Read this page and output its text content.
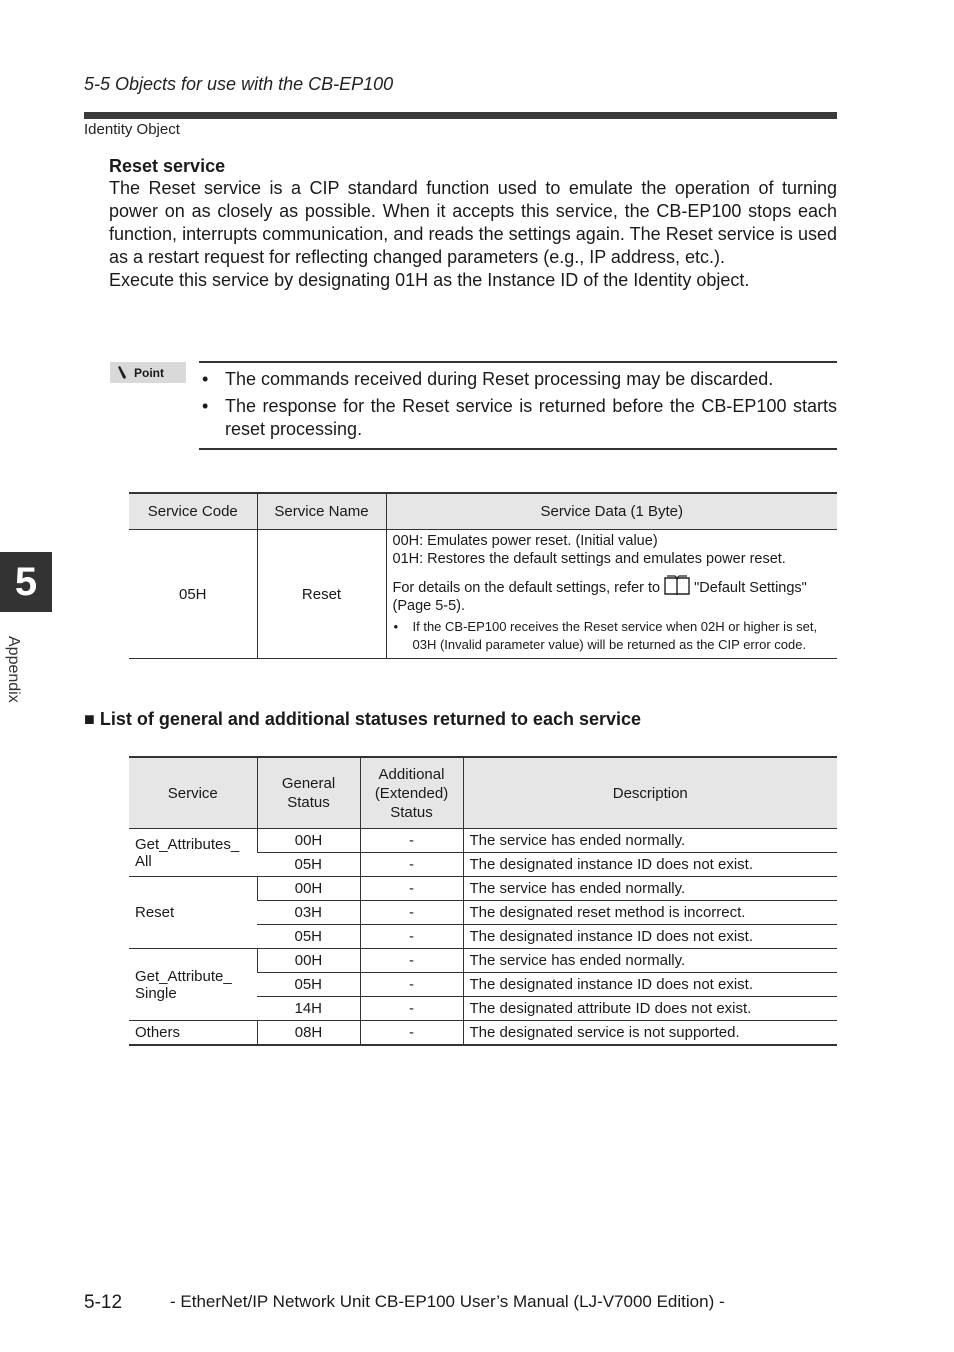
5-5 Objects for use with the CB-EP100
Identity Object
Reset service

The Reset service is a CIP standard function used to emulate the operation of turning power on as closely as possible. When it accepts this service, the CB-EP100 stops each function, interrupts communication, and reads the settings again. The Reset service is used as a restart request for reflecting changed parameters (e.g., IP address, etc.).

Execute this service by designating 01H as the Instance ID of the Identity object.

Point • The commands received during Reset processing may be discarded.
• The response for the Reset service is returned before the CB-EP100 starts reset processing.
Service Code	Service Name	Service Data (1 Byte)
05H	Reset	00H: Emulates power reset. (Initial value)
01H: Restores the default settings and emulates power reset.
For details on the default settings, refer to "Default Settings" (Page 5-5).
• If the CB-EP100 receives the Reset service when 02H or higher is set, 03H (Invalid parameter value) will be returned as the CIP error code.
■ List of general and additional statuses returned to each service
Service	General Status	Additional (Extended) Status	Description
Get_Attributes_ All	00H	-	The service has ended normally.
	05H	-	The designated instance ID does not exist.
Reset	00H	-	The service has ended normally.
	03H	-	The designated reset method is incorrect.
	05H	-	The designated instance ID does not exist.
Get_Attribute_ Single	00H	-	The service has ended normally.
	05H	-	The designated instance ID does not exist.
	14H	-	The designated attribute ID does not exist.
Others	08H	-	The designated service is not supported.
5
Appendix
5-12	- EtherNet/IP Network Unit CB-EP100 User’s Manual (LJ-V7000 Edition) -
